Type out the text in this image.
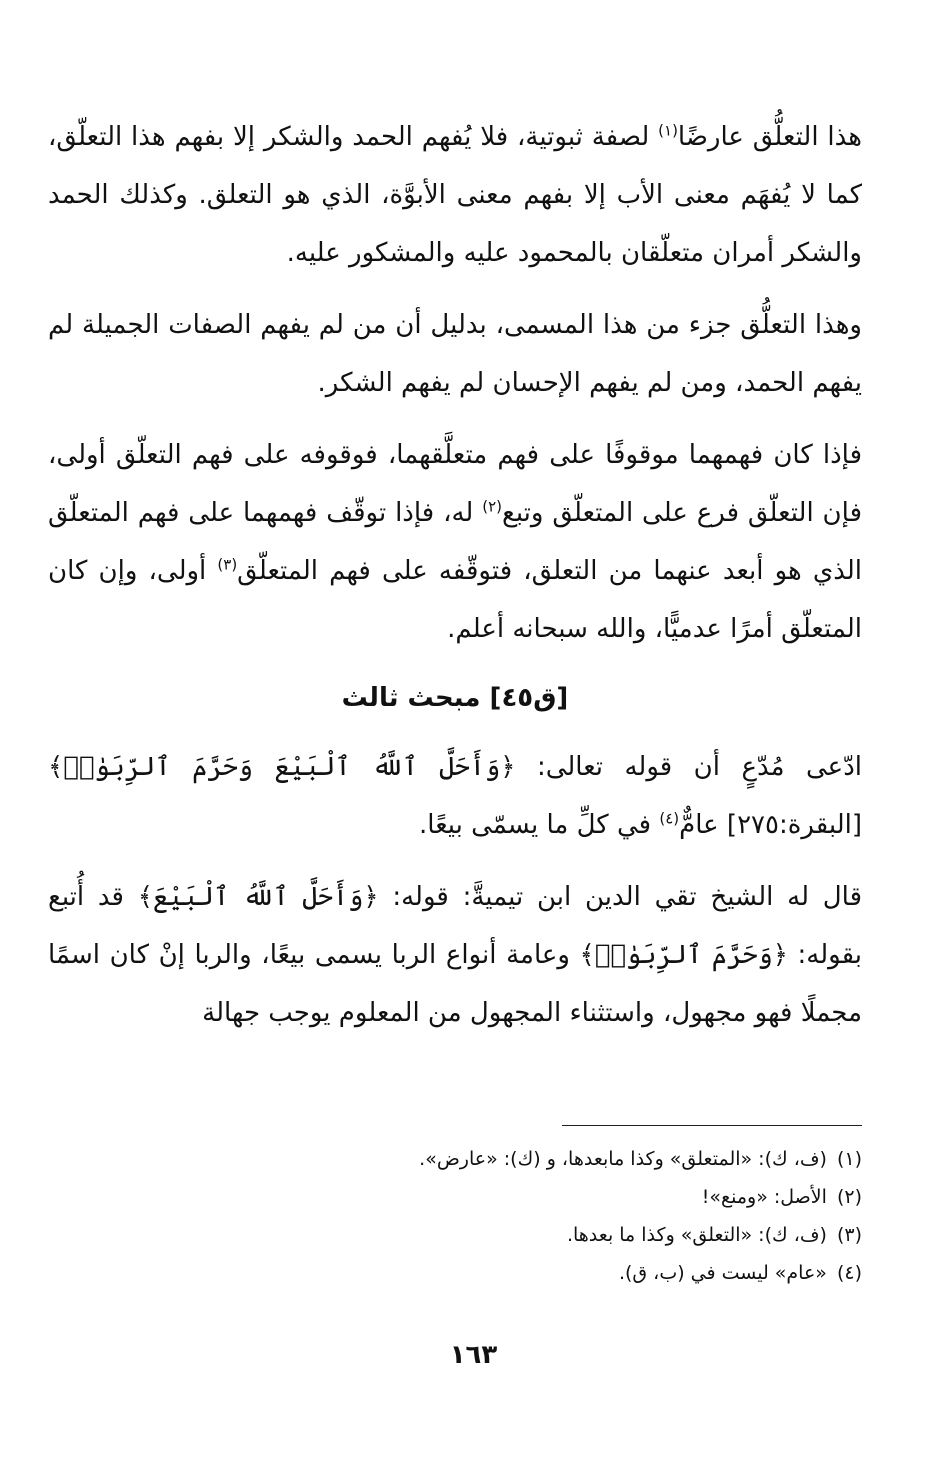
هذا التعلُّق عارضًا$^{(١)}$ لصفة ثبوتية، فلا يُفهم الحمد والشكر إلا بفهم هذا التعلّق، كما لا يُفهَم معنى الأب إلا بفهم معنى الأبوَّة، الذي هو التعلق. وكذلك الحمد والشكر أمران متعلّقان بالمحمود عليه والمشكور عليه.

وهذا التعلُّق جزء من هذا المسمى، بدليل أن من لم يفهم الصفات الجميلة لم يفهم الحمد، ومن لم يفهم الإحسان لم يفهم الشكر.

فإذا كان فهمهما موقوفًا على فهم متعلَّقهما، فوقوفه على فهم التعلّق أولى، فإن التعلّق فرع على المتعلّق وتبع$^{(٢)}$ له، فإذا توقّف فهمهما على فهم المتعلّق الذي هو أبعد عنهما من التعلق، فتوقّفه على فهم المتعلّق$^{(٣)}$ أولى، وإن كان المتعلّق أمرًا عدميًّا، والله سبحانه أعلم.

[ق٤٥] مبحث ثالث

ادّعى مُدّعٍ أن قوله تعالى: ﴿وَأَحَلَّ ٱللَّهُ ٱلْبَيْعَ وَحَرَّمَ ٱلرِّبَوٰا۟﴾ [البقرة:٢٧٥] عامٌّ$^{(٤)}$ في كلِّ ما يسمّى بيعًا.

قال له الشيخ تقي الدين ابن تيميةَّ: قوله: ﴿وَأَحَلَّ ٱللَّهُ ٱلْبَيْعَ﴾ قد أُتبع بقوله: ﴿وَحَرَّمَ ٱلرِّبَوٰا۟﴾ وعامة أنواع الربا يسمى بيعًا، والربا إنْ كان اسمًا مجملًا فهو مجهول، واستثناء المجهول من المعلوم يوجب جهالة

(١)(ف، ك): «المتعلق» وكذا مابعدها، و (ك): «عارض».
(٢)الأصل: «ومنع»!
(٣)(ف، ك): «التعلق» وكذا ما بعدها.
(٤)«عام» ليست في (ب، ق).
١٦٣
